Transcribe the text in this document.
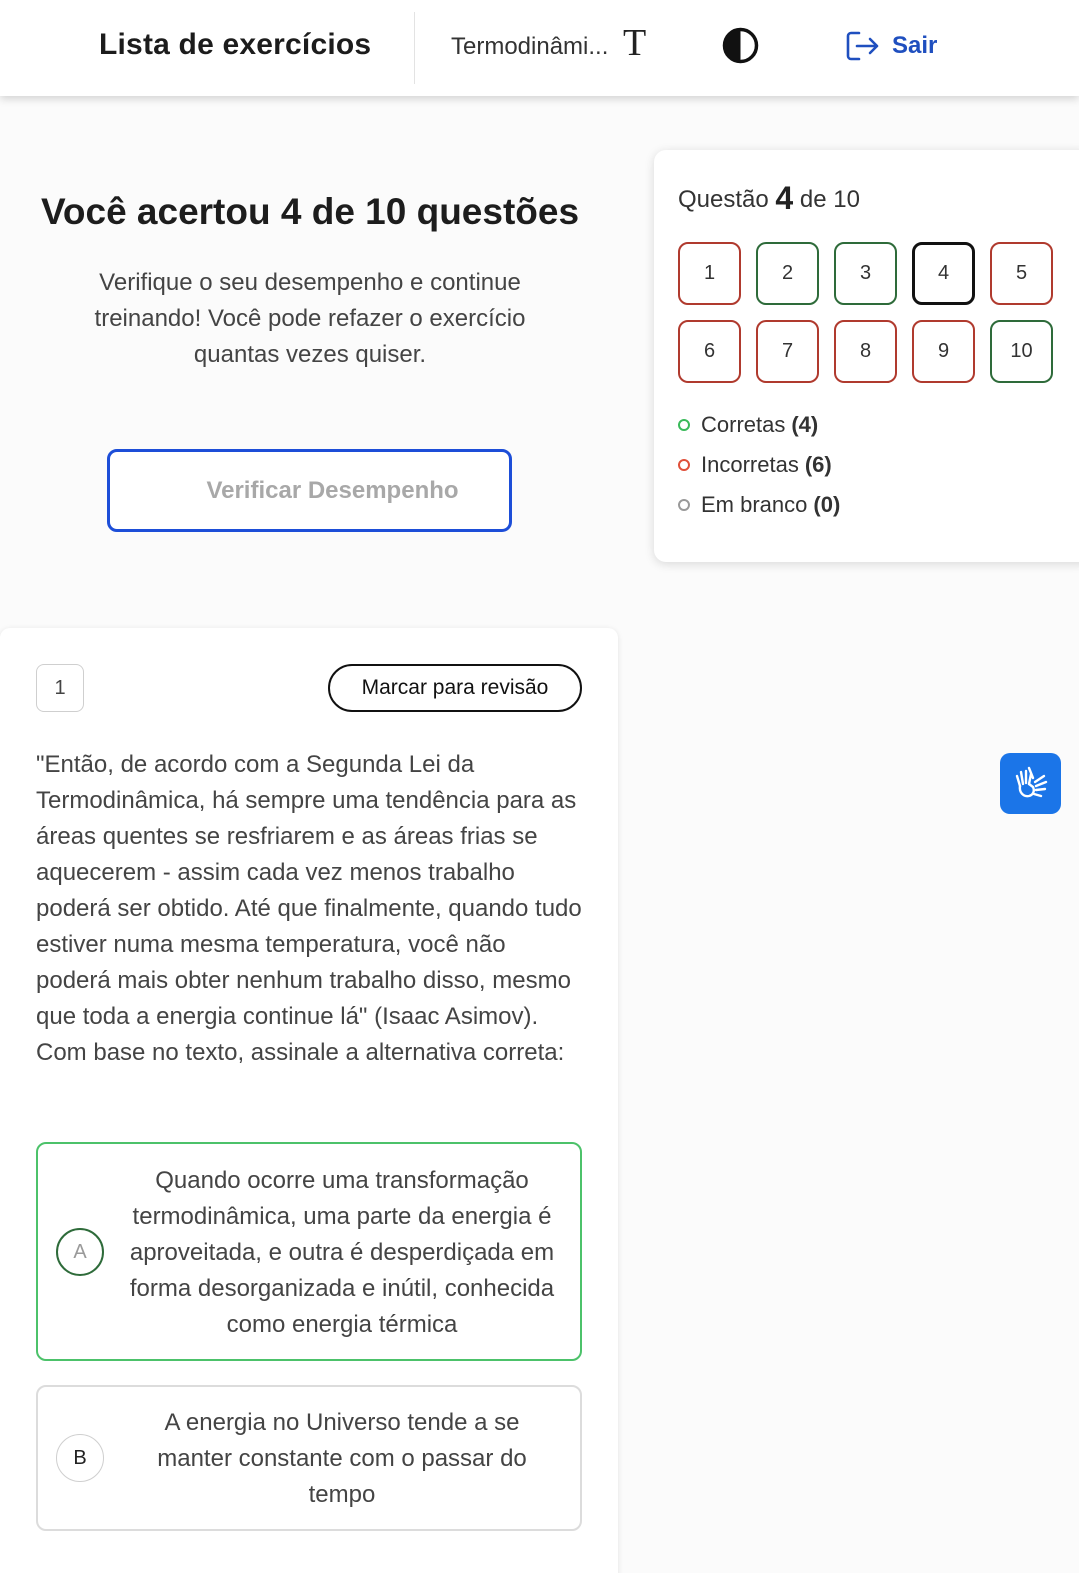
Lista de exercícios	Termodinâmi... T	Sair
Você acertou 4 de 10 questões

Verifique o seu desempenho e continue treinando! Você pode refazer o exercício quantas vezes quiser.

Verificar Desempenho
Questão 4 de 10
1	2	3	4	5
6	7	8	9	10
Corretas (4)
Incorretas (6)
Em branco (0)
1	Marcar para revisão
"Então, de acordo com a Segunda Lei da Termodinâmica, há sempre uma tendência para as áreas quentes se resfriarem e as áreas frias se aquecerem - assim cada vez menos trabalho poderá ser obtido. Até que finalmente, quando tudo estiver numa mesma temperatura, você não poderá mais obter nenhum trabalho disso, mesmo que toda a energia continue lá" (Isaac Asimov). Com base no texto, assinale a alternativa correta:
A
Quando ocorre uma transformação termodinâmica, uma parte da energia é aproveitada, e outra é desperdiçada em forma desorganizada e inútil, conhecida como energia térmica
B
A energia no Universo tende a se manter constante com o passar do tempo
